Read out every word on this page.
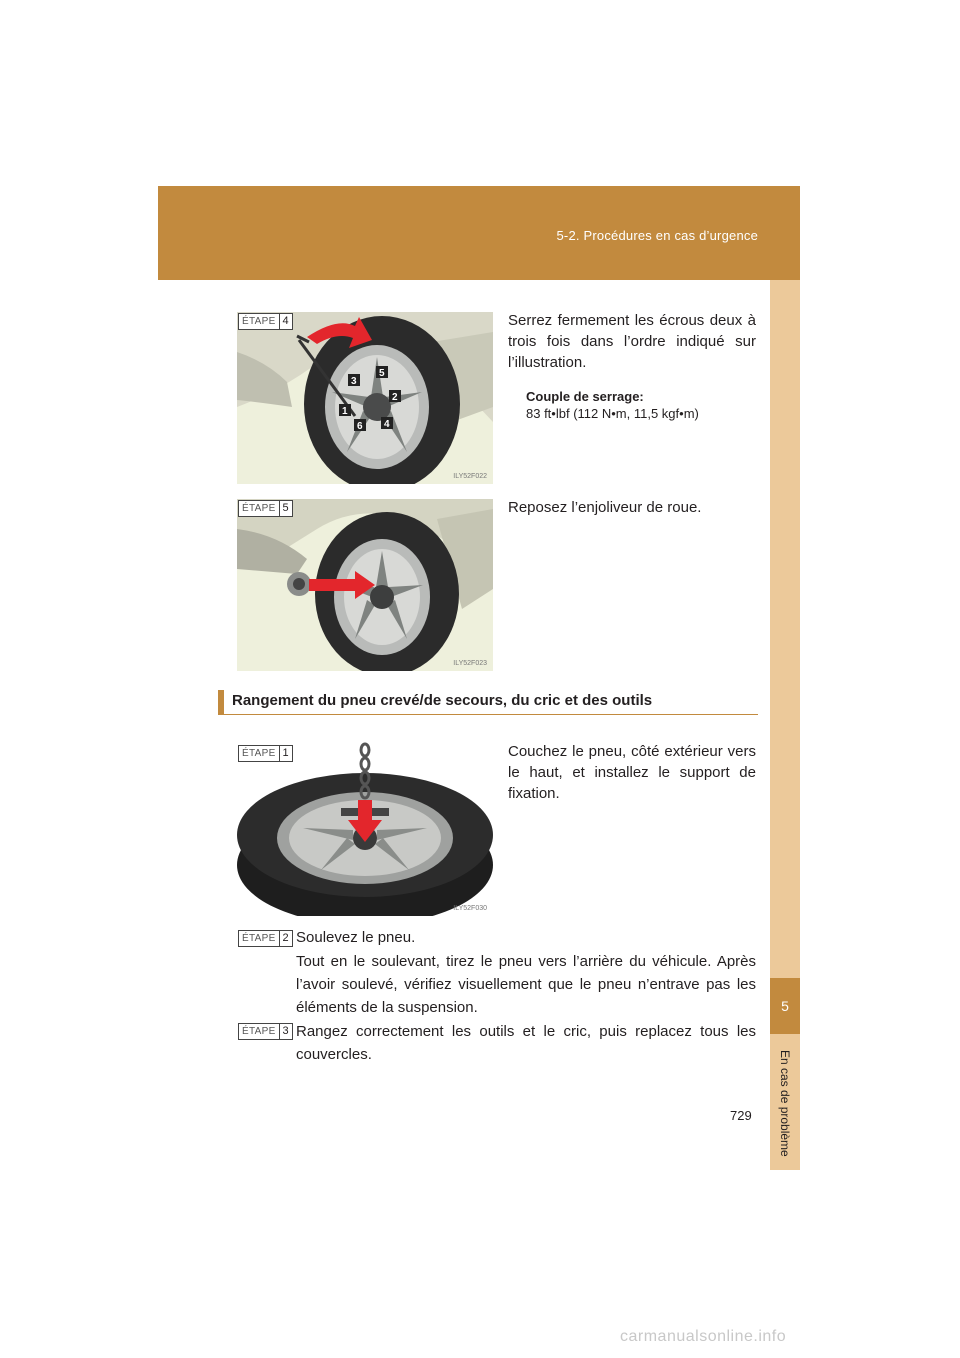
5-2. Procédures en cas d’urgence
5
En cas de problème
3
5
2
1
4
6
ILY52F022
ÉTAPE 4	Serrez fermement les écrous deux à trois fois dans l’ordre indiqué sur l’illustration.
Couple de serrage:
83 ft•lbf (112 N•m, 11,5 kgf•m)
ILY52F023
ÉTAPE 5	Reposez l’enjoliveur de roue.
Rangement du pneu crevé/de secours, du cric et des outils
ILY52F030
ÉTAPE 1	Couchez le pneu, côté extérieur vers le haut, et installez le support de fixation.
ÉTAPE 2 Soulevez le pneu.
Tout en le soulevant, tirez le pneu vers l’arrière du véhicule. Après l’avoir soulevé, vérifiez visuellement que le pneu n’entrave pas les éléments de la suspension.
ÉTAPE 3 Rangez correctement les outils et le cric, puis replacez tous les couvercles.
729
carmanualsonline.info
